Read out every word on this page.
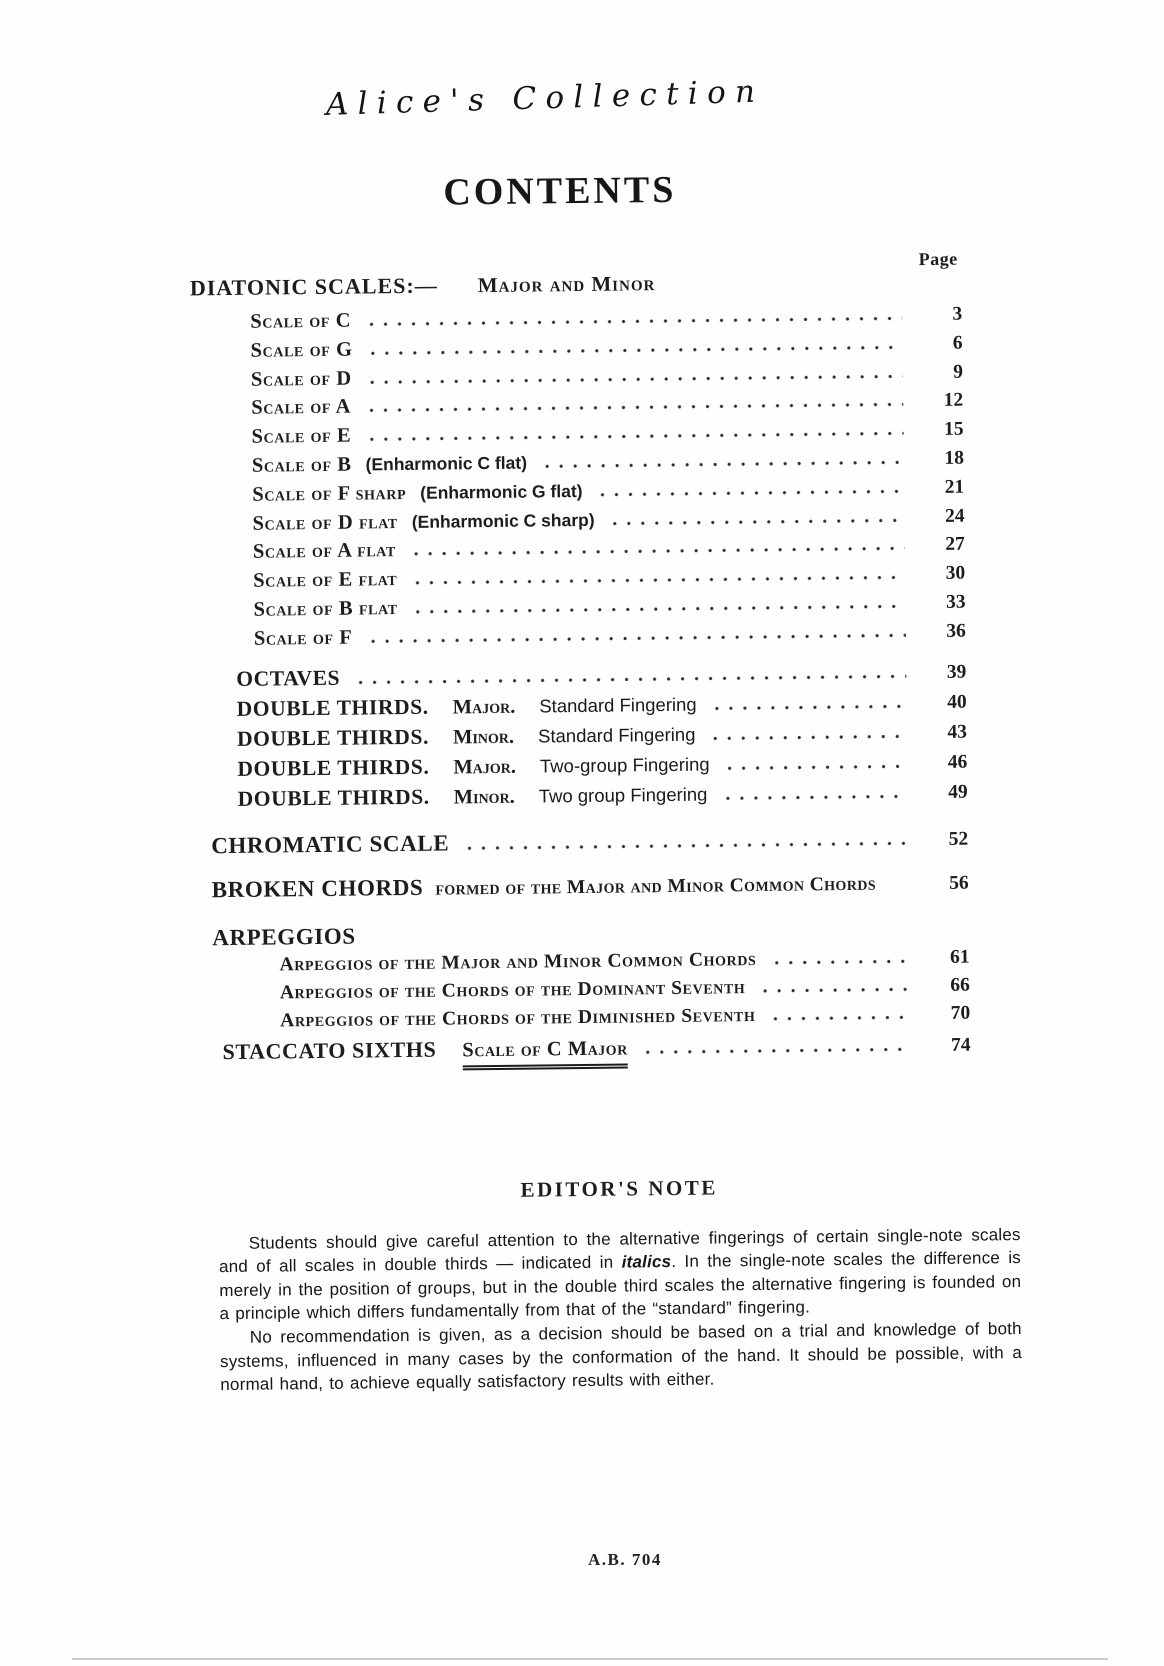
Alice's Collection
CONTENTS
Page
DIATONIC SCALES:— Major and Minor
Scale of C	3
Scale of G	6
Scale of D	9
Scale of A	12
Scale of E	15
Scale of B (Enharmonic C flat)	18
Scale of F sharp (Enharmonic G flat)	21
Scale of D flat (Enharmonic C sharp)	24
Scale of A flat	27
Scale of E flat	30
Scale of B flat	33
Scale of F	36
OCTAVES	39
DOUBLE THIRDS. Major. Standard Fingering	40
DOUBLE THIRDS. Minor. Standard Fingering	43
DOUBLE THIRDS. Major. Two-group Fingering	46
DOUBLE THIRDS. Minor. Two group Fingering	49
CHROMATIC SCALE	52
BROKEN CHORDS formed of the Major and Minor Common Chords	56
ARPEGGIOS
Arpeggios of the Major and Minor Common Chords	61
Arpeggios of the Chords of the Dominant Seventh	66
Arpeggios of the Chords of the Diminished Seventh	70
STACCATO SIXTHS Scale of C Major	74
EDITOR'S NOTE

Students should give careful attention to the alternative fingerings of certain single-note scales and of all scales in double thirds — indicated in italics. In the single-note scales the difference is merely in the position of groups, but in the double third scales the alternative fingering is founded on a principle which differs fundamentally from that of the “standard” fingering.

No recommendation is given, as a decision should be based on a trial and knowledge of both systems, influenced in many cases by the conformation of the hand. It should be possible, with a normal hand, to achieve equally satisfactory results with either.

A.B. 704
